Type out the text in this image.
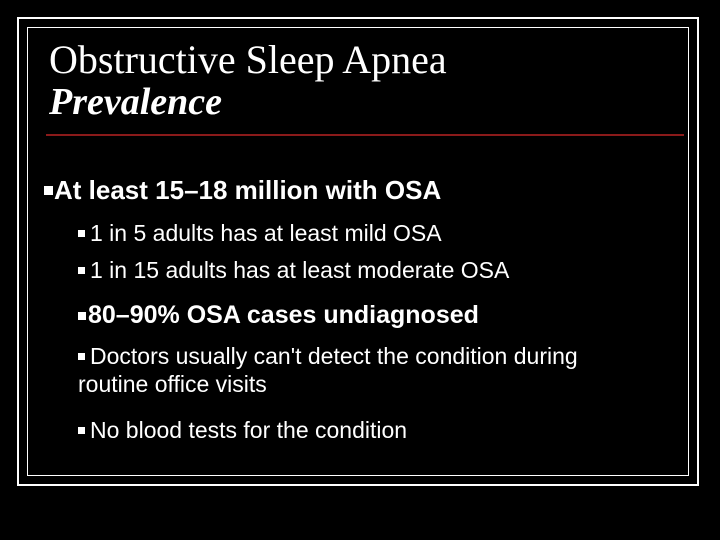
Obstructive Sleep Apnea
Prevalence
At least 15–18 million with OSA
1 in 5 adults has at least mild OSA
1 in 15 adults has at least moderate OSA
80–90% OSA cases undiagnosed
Doctors usually can't detect the condition during routine office visits
No blood tests for the condition
